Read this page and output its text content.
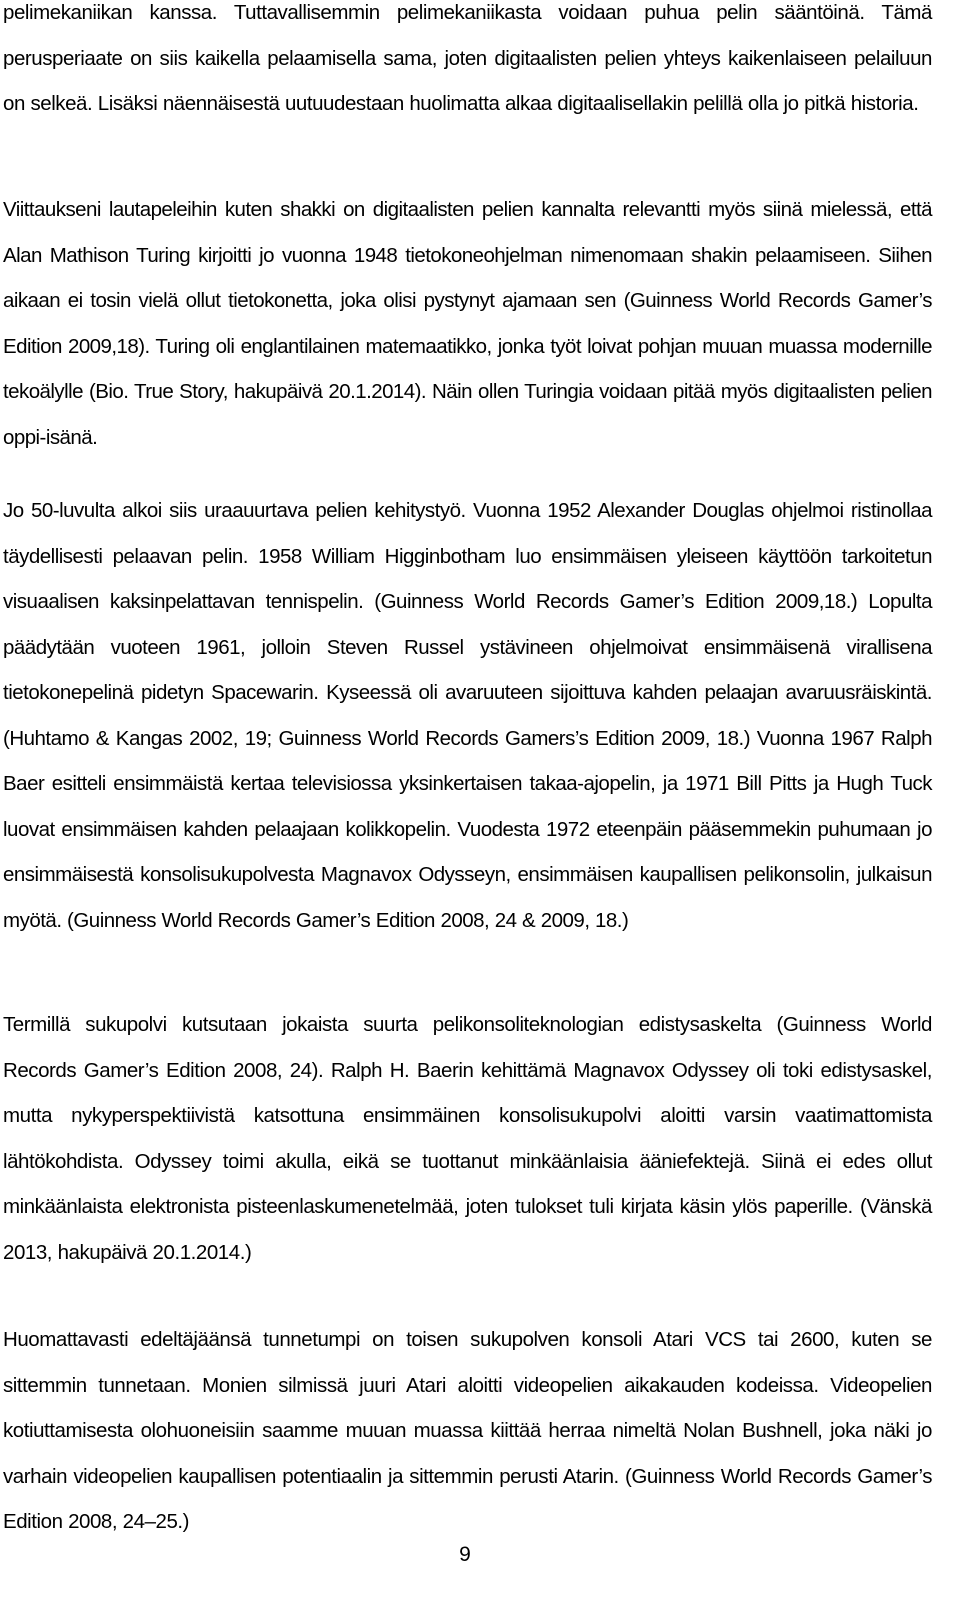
pelimekaniikan kanssa. Tuttavallisemmin pelimekaniikasta voidaan puhua pelin sääntöinä. Tämä perusperiaate on siis kaikella pelaamisella sama, joten digitaalisten pelien yhteys kaikenlaiseen pelailuun on selkeä. Lisäksi näennäisestä uutuudestaan huolimatta alkaa digitaalisellakin pelillä olla jo pitkä historia.

Viittaukseni lautapeleihin kuten shakki on digitaalisten pelien kannalta relevantti myös siinä mielessä, että Alan Mathison Turing kirjoitti jo vuonna 1948 tietokoneohjelman nimenomaan shakin pelaamiseen. Siihen aikaan ei tosin vielä ollut tietokonetta, joka olisi pystynyt ajamaan sen (Guinness World Records Gamer’s Edition 2009,18). Turing oli englantilainen matemaatikko, jonka työt loivat pohjan muuan muassa modernille tekoälylle (Bio. True Story, hakupäivä 20.1.2014). Näin ollen Turingia voidaan pitää myös digitaalisten pelien oppi-isänä.

Jo 50-luvulta alkoi siis uraauurtava pelien kehitystyö. Vuonna 1952 Alexander Douglas ohjelmoi ristinollaa täydellisesti pelaavan pelin. 1958 William Higginbotham luo ensimmäisen yleiseen käyttöön tarkoitetun visuaalisen kaksinpelattavan tennispelin. (Guinness World Records Gamer’s Edition 2009,18.) Lopulta päädytään vuoteen 1961, jolloin Steven Russel ystävineen ohjelmoivat ensimmäisenä virallisena tietokonepelinä pidetyn Spacewarin. Kyseessä oli avaruuteen sijoittuva kahden pelaajan avaruusräiskintä. (Huhtamo & Kangas 2002, 19; Guinness World Records Gamers’s Edition 2009, 18.) Vuonna 1967 Ralph Baer esitteli ensimmäistä kertaa televisiossa yksinkertaisen takaa-ajopelin, ja 1971 Bill Pitts ja Hugh Tuck luovat ensimmäisen kahden pelaajaan kolikkopelin. Vuodesta 1972 eteenpäin pääsemmekin puhumaan jo ensimmäisestä konsolisukupolvesta Magnavox Odysseyn, ensimmäisen kaupallisen pelikonsolin, julkaisun myötä. (Guinness World Records Gamer’s Edition 2008, 24 & 2009, 18.)

Termillä sukupolvi kutsutaan jokaista suurta pelikonsoliteknologian edistysaskelta (Guinness World Records Gamer’s Edition 2008, 24). Ralph H. Baerin kehittämä Magnavox Odyssey oli toki edistysaskel, mutta nykyperspektiivistä katsottuna ensimmäinen konsolisukupolvi aloitti varsin vaatimattomista lähtökohdista. Odyssey toimi akulla, eikä se tuottanut minkäänlaisia ääniefektejä. Siinä ei edes ollut minkäänlaista elektronista pisteenlaskumenetelmää, joten tulokset tuli kirjata käsin ylös paperille. (Vänskä 2013, hakupäivä 20.1.2014.)

Huomattavasti edeltäjäänsä tunnetumpi on toisen sukupolven konsoli Atari VCS tai 2600, kuten se sittemmin tunnetaan. Monien silmissä juuri Atari aloitti videopelien aikakauden kodeissa. Videopelien kotiuttamisesta olohuoneisiin saamme muuan muassa kiittää herraa nimeltä Nolan Bushnell, joka näki jo varhain videopelien kaupallisen potentiaalin ja sittemmin perusti Atarin. (Guinness World Records Gamer’s Edition 2008, 24–25.)

9
